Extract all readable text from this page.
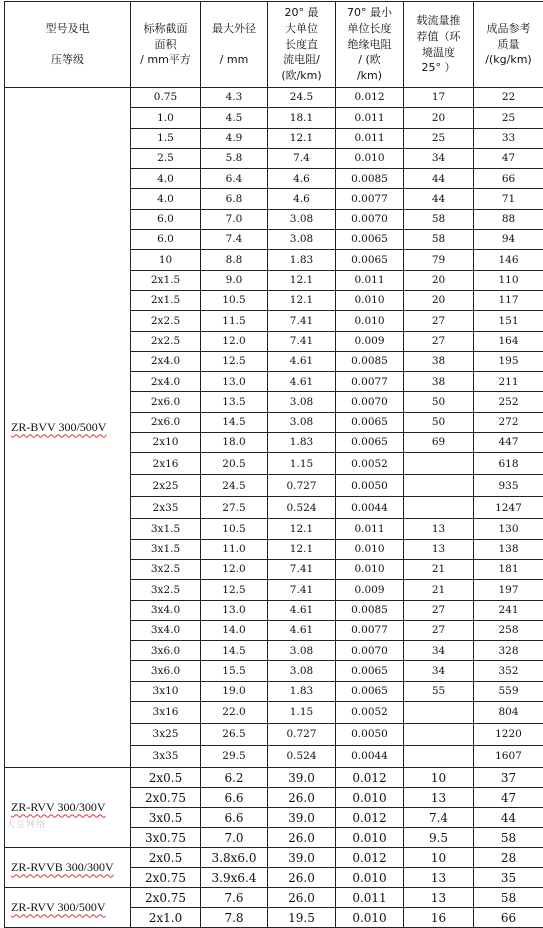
型号及电

压等级	标称截面
面积
/ mm平方	最大外径

/ mm	20° 最
大单位
长度直
流电阻/
(欧/km)	70° 最小
单位长度
绝缘电阻
/ (欧
/km)	载流量推
荐值（环
境温度
25° ）	成品参考
质量
/(kg/km)
ZR-BVV 300/500V	0.75	4.3	24.5	0.012	17	22
	1.0	4.5	18.1	0.011	20	25
	1.5	4.9	12.1	0.011	25	33
	2.5	5.8	7.4	0.010	34	47
	4.0	6.4	4.6	0.0085	44	66
	4.0	6.8	4.6	0.0077	44	71
	6.0	7.0	3.08	0.0070	58	88
	6.0	7.4	3.08	0.0065	58	94
	10	8.8	1.83	0.0065	79	146
	2x1.5	9.0	12.1	0.011	20	110
	2x1.5	10.5	12.1	0.010	20	117
	2x2.5	11.5	7.41	0.010	27	151
	2x2.5	12.0	7.41	0.009	27	164
	2x4.0	12.5	4.61	0.0085	38	195
	2x4.0	13.0	4.61	0.0077	38	211
	2x6.0	13.5	3.08	0.0070	50	252
	2x6.0	14.5	3.08	0.0065	50	272
	2x10	18.0	1.83	0.0065	69	447
	2x16	20.5	1.15	0.0052		618
	2x25	24.5	0.727	0.0050		935
	2x35	27.5	0.524	0.0044		1247
	3x1.5	10.5	12.1	0.011	13	130
	3x1.5	11.0	12.1	0.010	13	138
	3x2.5	12.0	7.41	0.010	21	181
	3x2.5	12.5	7.41	0.009	21	197
	3x4.0	13.0	4.61	0.0085	27	241
	3x4.0	14.0	4.61	0.0077	27	258
	3x6.0	14.5	3.08	0.0070	34	328
	3x6.0	15.5	3.08	0.0065	34	352
	3x10	19.0	1.83	0.0065	55	559
	3x16	22.0	1.15	0.0052		804
	3x25	26.5	0.727	0.0050		1220
	3x35	29.5	0.524	0.0044		1607
ZR-RVV 300/300V	2x0.5	6.2	39.0	0.012	10	37
	2x0.75	6.6	26.0	0.010	13	47
	3x0.5	6.6	39.0	0.012	7.4	44
	3x0.75	7.0	26.0	0.010	9.5	58
ZR-RVVB 300/300V	2x0.5	3.8x6.0	39.0	0.012	10	28
	2x0.75	3.9x6.4	26.0	0.010	13	35
ZR-RVV 300/500V	2x0.75	7.6	26.0	0.011	13	58
	2x1.0	7.8	19.5	0.010	16	66
大豆网络
